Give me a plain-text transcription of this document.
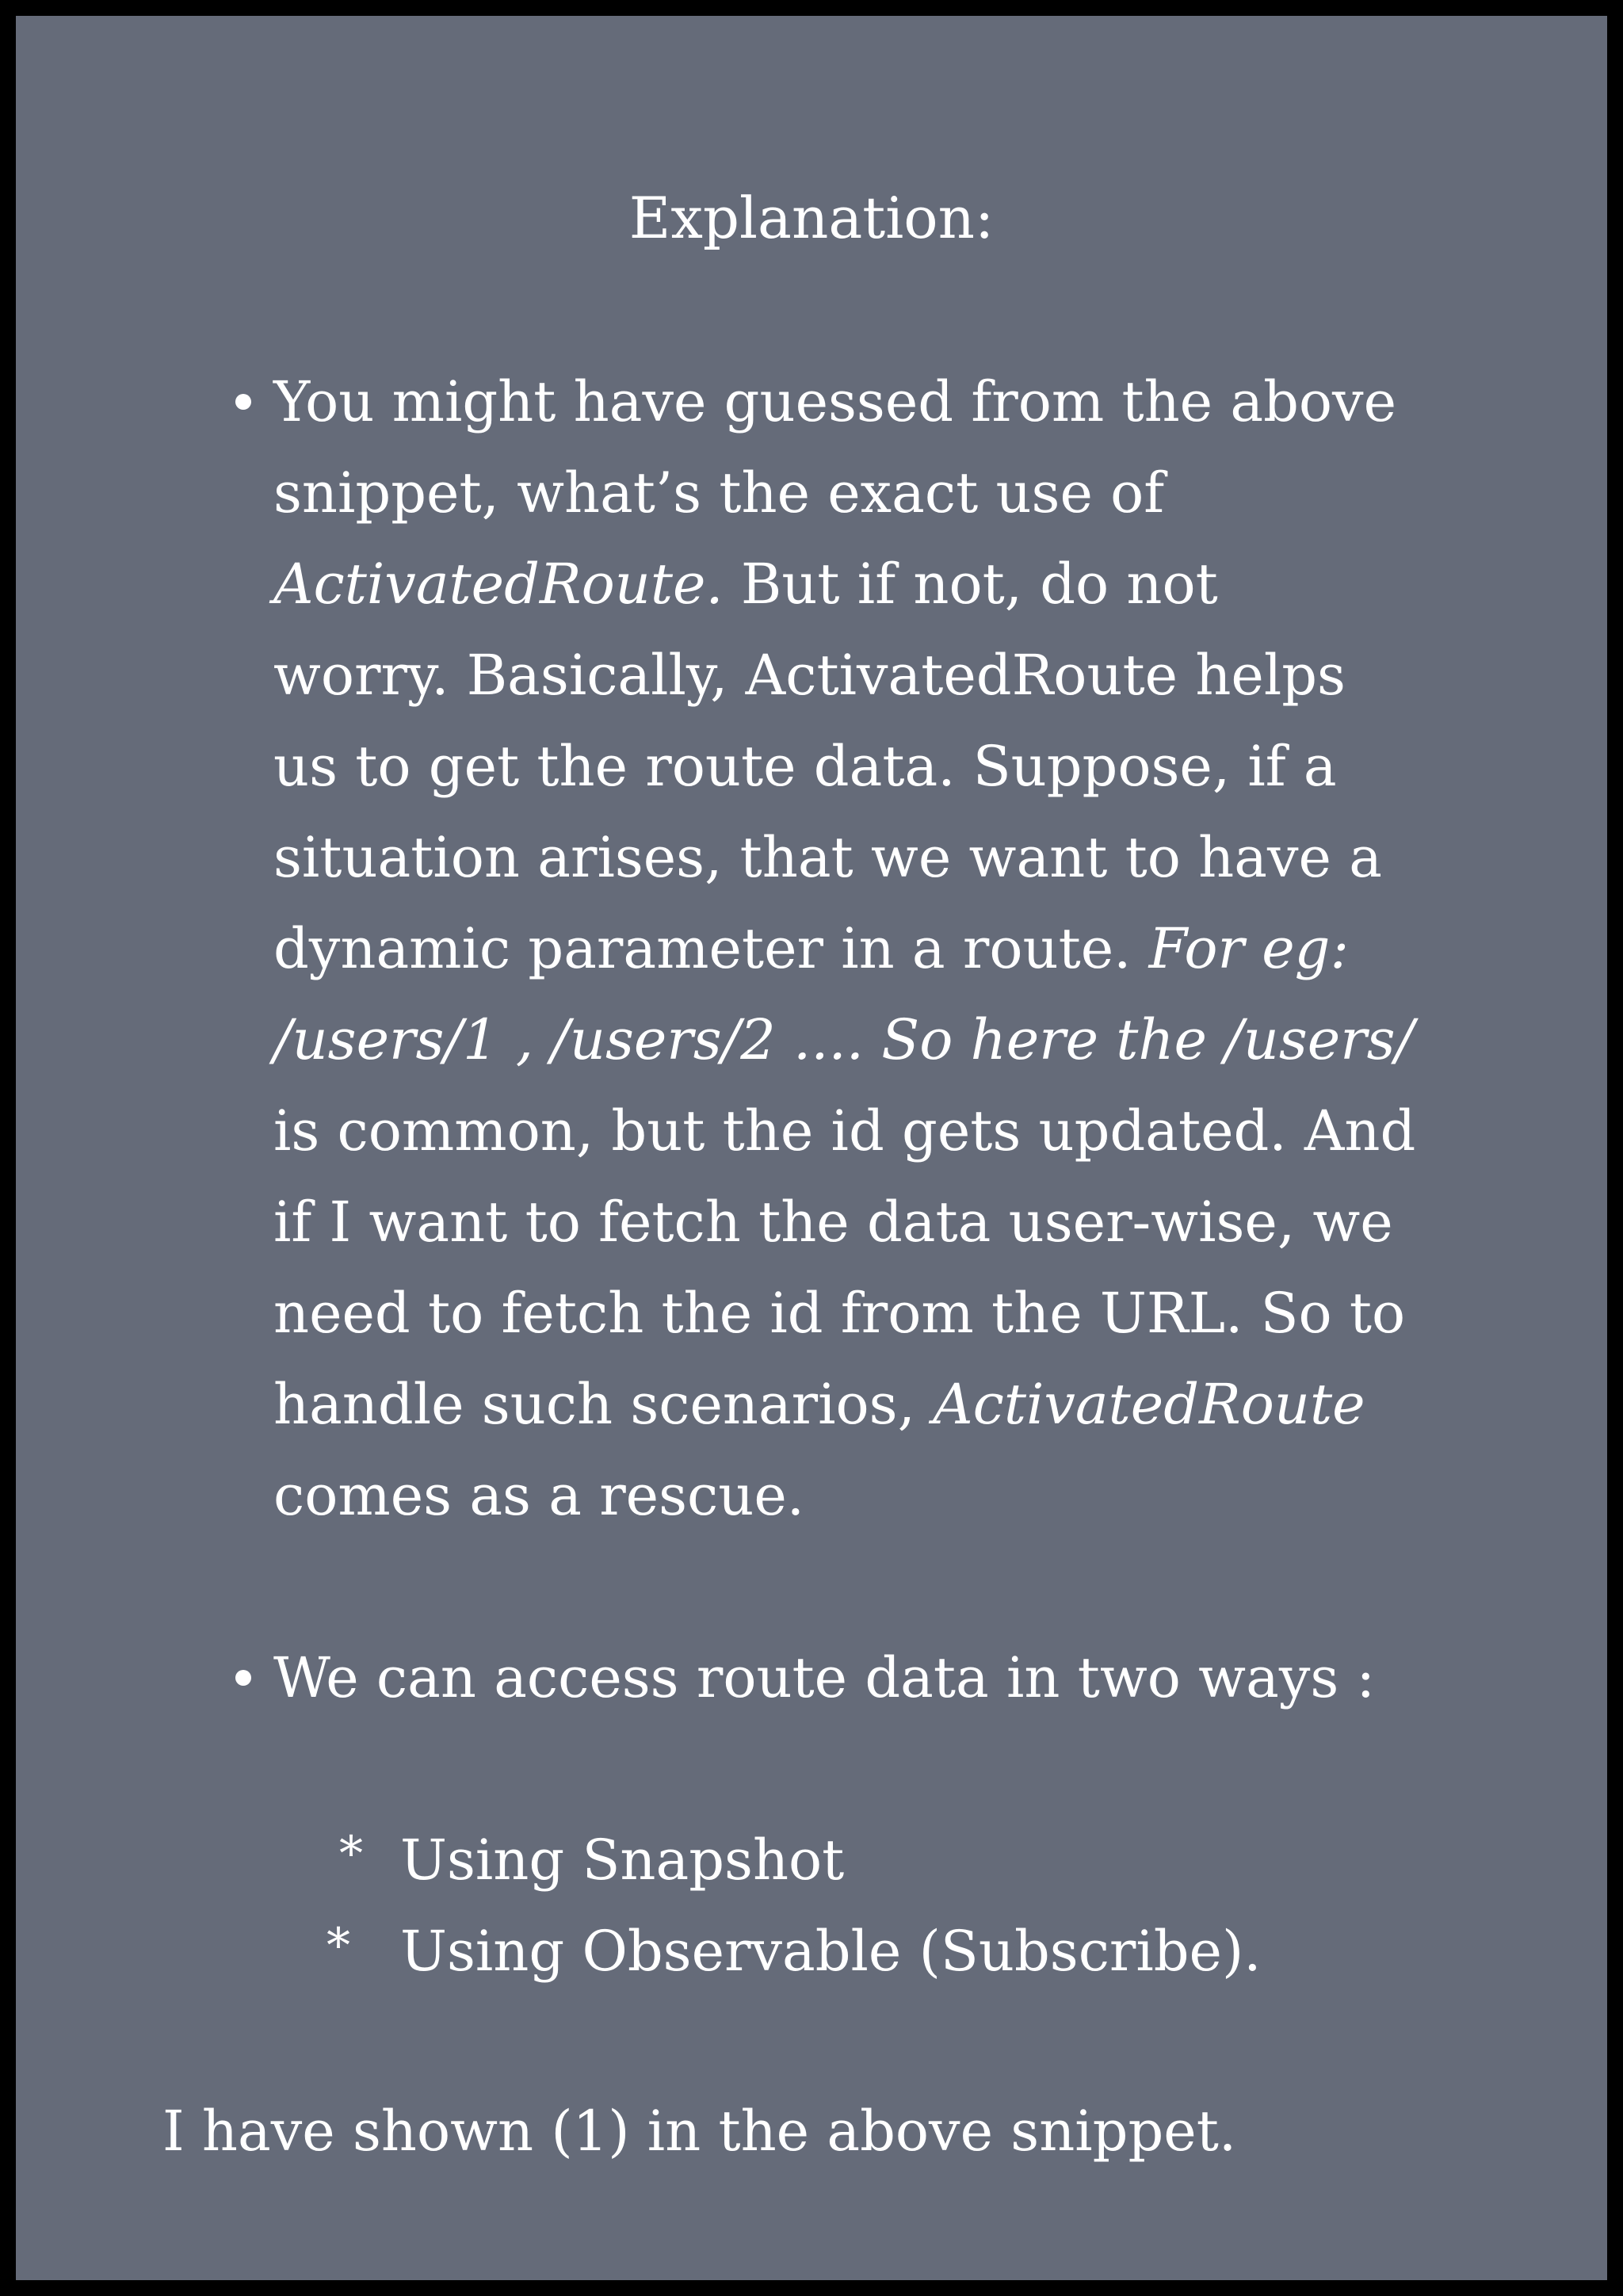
Explanation:
You might have guessed from the above
snippet, what’s the exact use of
ActivatedRoute. But if not, do not
worry. Basically, ActivatedRoute helps
us to get the route data. Suppose, if a
situation arises, that we want to have a
dynamic parameter in a route. For eg:
/users/1 , /users/2 .... So here the /users/
is common, but the id gets updated. And
if I want to fetch the data user-wise, we
need to fetch the id from the URL. So to
handle such scenarios, ActivatedRoute
comes as a rescue.
We can access route data in two ways :
* Using Snapshot
* Using Observable (Subscribe).
I have shown (1) in the above snippet.
